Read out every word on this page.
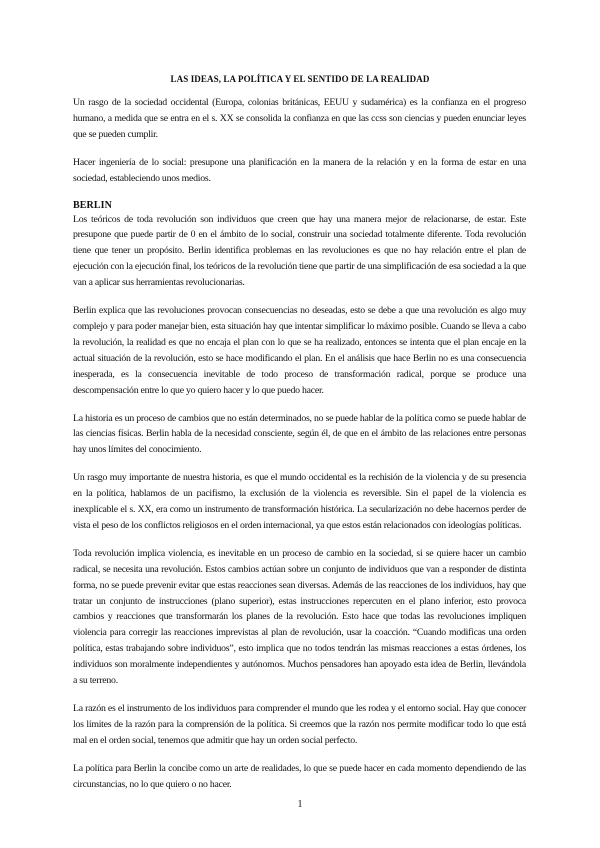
LAS IDEAS, LA POLÍTICA Y EL SENTIDO DE LA REALIDAD

Un rasgo de la sociedad occidental (Europa, colonias británicas, EEUU y sudamérica) es la confianza en el progreso humano, a medida que se entra en el s. XX se consolida la confianza en que las ccss son ciencias y pueden enunciar leyes que se pueden cumplir.

Hacer ingeniería de lo social: presupone una planificación en la manera de la relación y en la forma de estar en una sociedad, estableciendo unos medios.

BERLIN

Los teóricos de toda revolución son individuos que creen que hay una manera mejor de relacionarse, de estar. Este presupone que puede partir de 0 en el ámbito de lo social, construir una sociedad totalmente diferente. Toda revolución tiene que tener un propósito. Berlin identifica problemas en las revoluciones es que no hay relación entre el plan de ejecución con la ejecución final, los teóricos de la revolución tiene que partir de una simplificación de esa sociedad a la que van a aplicar sus herramientas revolucionarias.

Berlin explica que las revoluciones provocan consecuencias no deseadas, esto se debe a que una revolución es algo muy complejo y para poder manejar bien, esta situación hay que intentar simplificar lo máximo posible. Cuando se lleva a cabo la revolución, la realidad es que no encaja el plan con lo que se ha realizado, entonces se intenta que el plan encaje en la actual situación de la revolución, esto se hace modificando el plan. En el análisis que hace Berlin no es una consecuencia inesperada, es la consecuencia inevitable de todo proceso de transformación radical, porque se produce una descompensación entre lo que yo quiero hacer y lo que puedo hacer.

La historia es un proceso de cambios que no están determinados, no se puede hablar de la política como se puede hablar de las ciencias físicas. Berlin habla de la necesidad consciente, según él, de que en el ámbito de las relaciones entre personas hay unos límites del conocimiento.

Un rasgo muy importante de nuestra historia, es que el mundo occidental es la rechisión de la violencia y de su presencia en la política, hablamos de un pacifismo, la exclusión de la violencia es reversible. Sin el papel de la violencia es inexplicable el s. XX, era como un instrumento de transformación histórica. La secularización no debe hacernos perder de vista el peso de los conflictos religiosos en el orden internacional, ya que estos están relacionados con ideologías políticas.

Toda revolución implica violencia, es inevitable en un proceso de cambio en la sociedad, si se quiere hacer un cambio radical, se necesita una revolución. Estos cambios actúan sobre un conjunto de individuos que van a responder de distinta forma, no se puede prevenir evitar que estas reacciones sean diversas. Además de las reacciones de los individuos, hay que tratar un conjunto de instrucciones (plano superior), estas instrucciones repercuten en el plano inferior, esto provoca cambios y reacciones que transformarán los planes de la revolución. Esto hace que todas las revoluciones impliquen violencia para corregir las reacciones imprevistas al plan de revolución, usar la coacción. “Cuando modificas una orden política, estas trabajando sobre individuos”, esto implica que no todos tendrán las mismas reacciones a estas órdenes, los individuos son moralmente independientes y autónomos. Muchos pensadores han apoyado esta idea de Berlin, llevándola a su terreno.

La razón es el instrumento de los individuos para comprender el mundo que les rodea y el entorno social. Hay que conocer los límites de la razón para la comprensión de la política. Si creemos que la razón nos permite modificar todo lo que está mal en el orden social, tenemos que admitir que hay un orden social perfecto.

La política para Berlin la concibe como un arte de realidades, lo que se puede hacer en cada momento dependiendo de las circunstancias, no lo que quiero o no hacer.

1
